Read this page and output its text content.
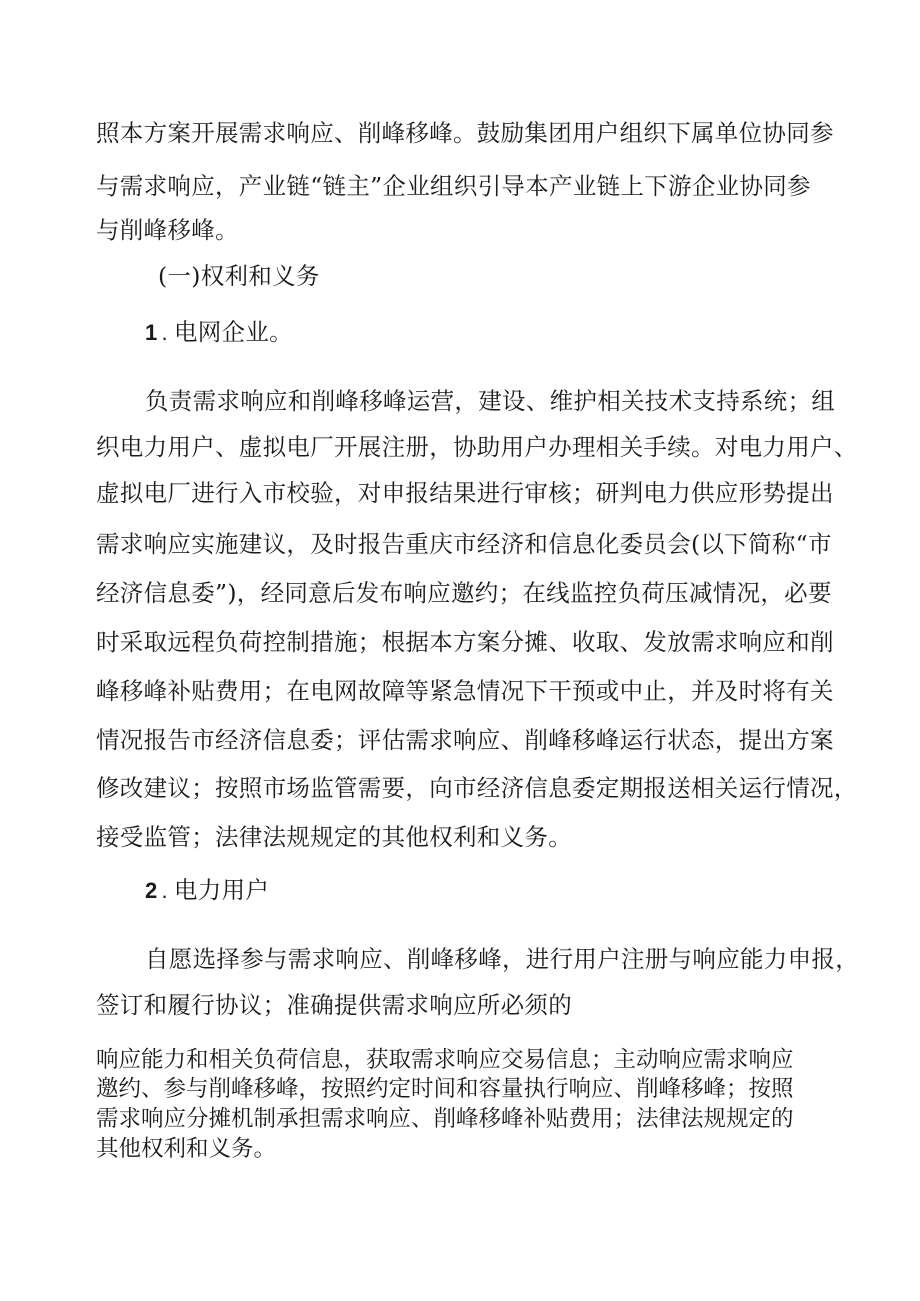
照本方案开展需求响应、削峰移峰。鼓励集团用户组织下属单位协同参
与需求响应，产业链“链主”企业组织引导本产业链上下游企业协同参
与削峰移峰。
(一)权利和义务
1 . 电网企业。
负责需求响应和削峰移峰运营，建设、维护相关技术支持系统；组
织电力用户、虚拟电厂开展注册，协助用户办理相关手续。对电力用户、
虚拟电厂进行入市校验，对申报结果进行审核；研判电力供应形势提出
需求响应实施建议，及时报告重庆市经济和信息化委员会(以下简称“市
经济信息委”)，经同意后发布响应邀约；在线监控负荷压减情况，必要
时采取远程负荷控制措施；根据本方案分摊、收取、发放需求响应和削
峰移峰补贴费用；在电网故障等紧急情况下干预或中止，并及时将有关
情况报告市经济信息委；评估需求响应、削峰移峰运行状态，提出方案
修改建议；按照市场监管需要，向市经济信息委定期报送相关运行情况，
接受监管；法律法规规定的其他权利和义务。
2 . 电力用户
自愿选择参与需求响应、削峰移峰，进行用户注册与响应能力申报，
签订和履行协议；准确提供需求响应所必须的
响应能力和相关负荷信息，获取需求响应交易信息；主动响应需求响应
邀约、参与削峰移峰，按照约定时间和容量执行响应、削峰移峰；按照
需求响应分摊机制承担需求响应、削峰移峰补贴费用；法律法规规定的
其他权利和义务。
